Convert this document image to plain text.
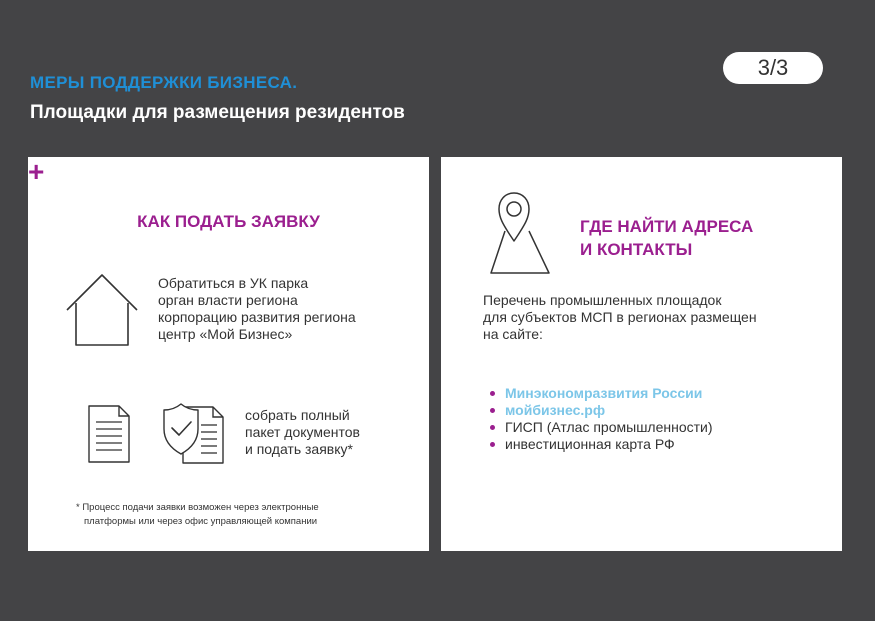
3/3
МЕРЫ ПОДДЕРЖКИ БИЗНЕСА.
Площадки для размещения резидентов
КАК ПОДАТЬ ЗАЯВКУ
Обратиться в УК парка
орган власти региона
корпорацию развития региона
центр «Мой Бизнес»
+
собрать полный
пакет документов
и подать заявку*
* Процесс подачи заявки возможен через электронные
платформы или через офис управляющей компании
ГДЕ НАЙТИ АДРЕСА
И КОНТАКТЫ
Перечень промышленных площадок
для субъектов МСП в регионах размещен
на сайте:
Минэкономразвития России
мойбизнес.рф
ГИСП (Атлас промышленности)
инвестиционная карта РФ
